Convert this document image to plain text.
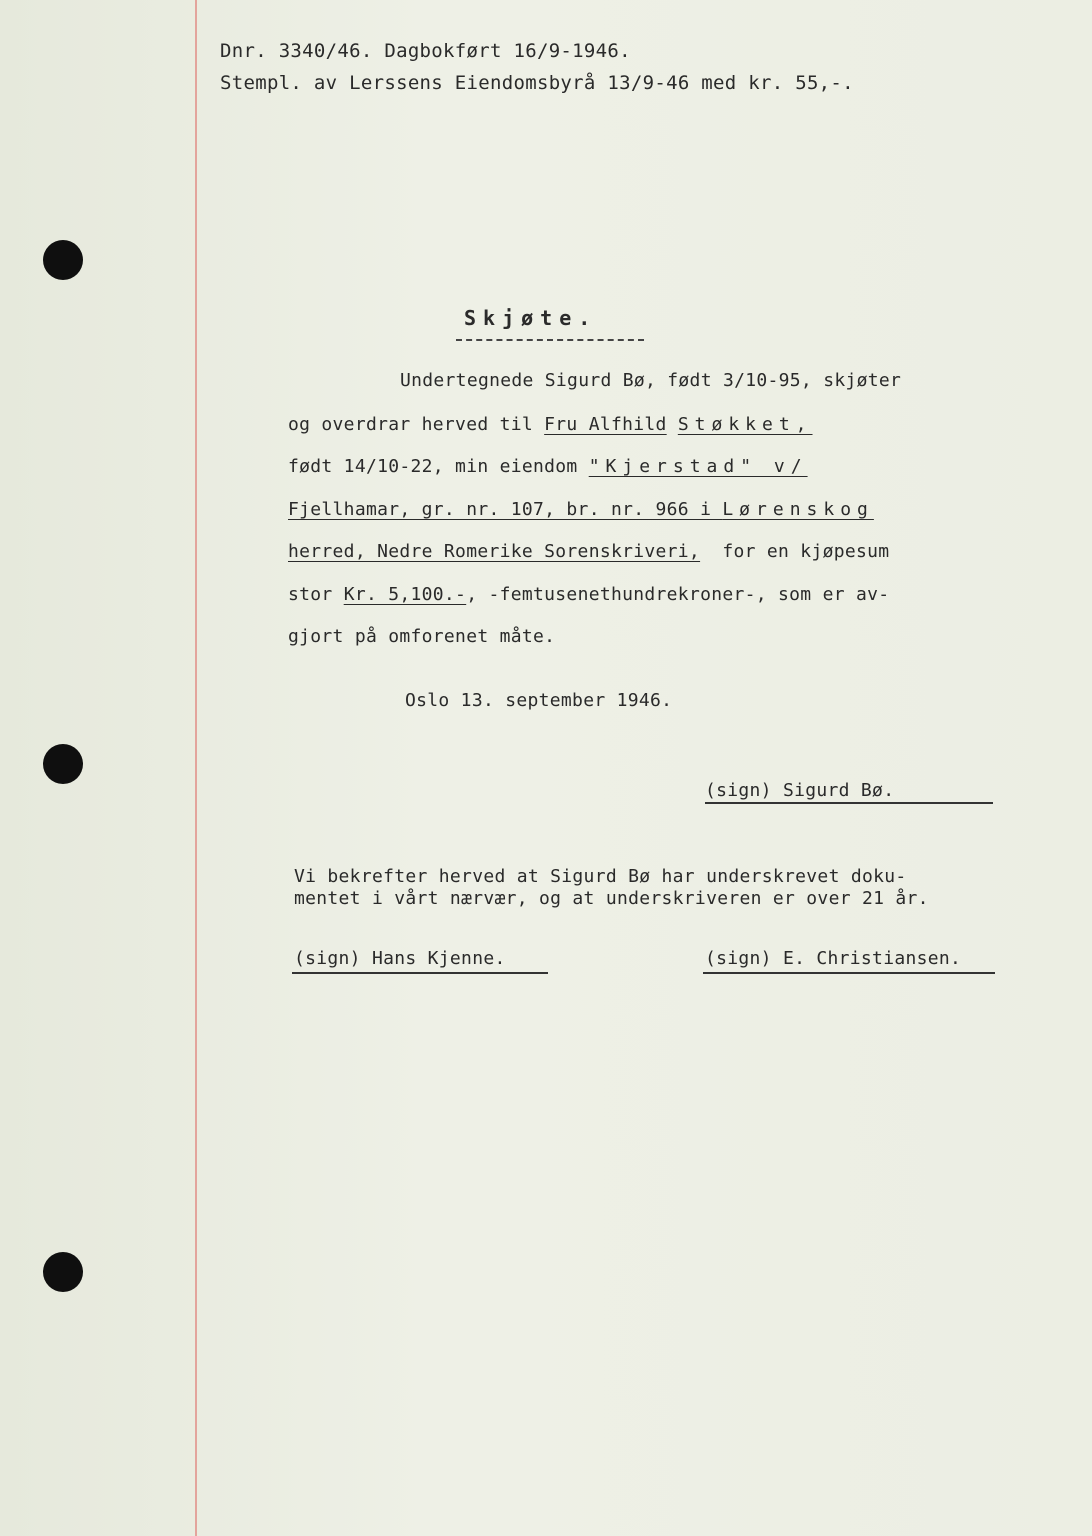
Dnr. 3340/46. Dagbokført 16/9-1946.
Stempl. av Lerssens Eiendomsbyrå 13/9-46 med kr. 55,-.
Skjøte.
Undertegnede Sigurd Bø, født 3/10-95, skjøter
og overdrar herved til Fru Alfhild Støkket,
født 14/10-22, min eiendom "Kjerstad" v/
Fjellhamar, gr. nr. 107, br. nr. 966 i Lørenskog
herred, Nedre Romerike Sorenskriveri,  for en kjøpesum
stor Kr. 5,100.-, -femtusenethundrekroner-, som er av-
gjort på omforenet måte.
Oslo 13. september 1946.
(sign) Sigurd Bø.
Vi bekrefter herved at Sigurd Bø har underskrevet doku-
mentet i vårt nærvær, og at underskriveren er over 21 år.
(sign) Hans Kjenne.	(sign) E. Christiansen.
